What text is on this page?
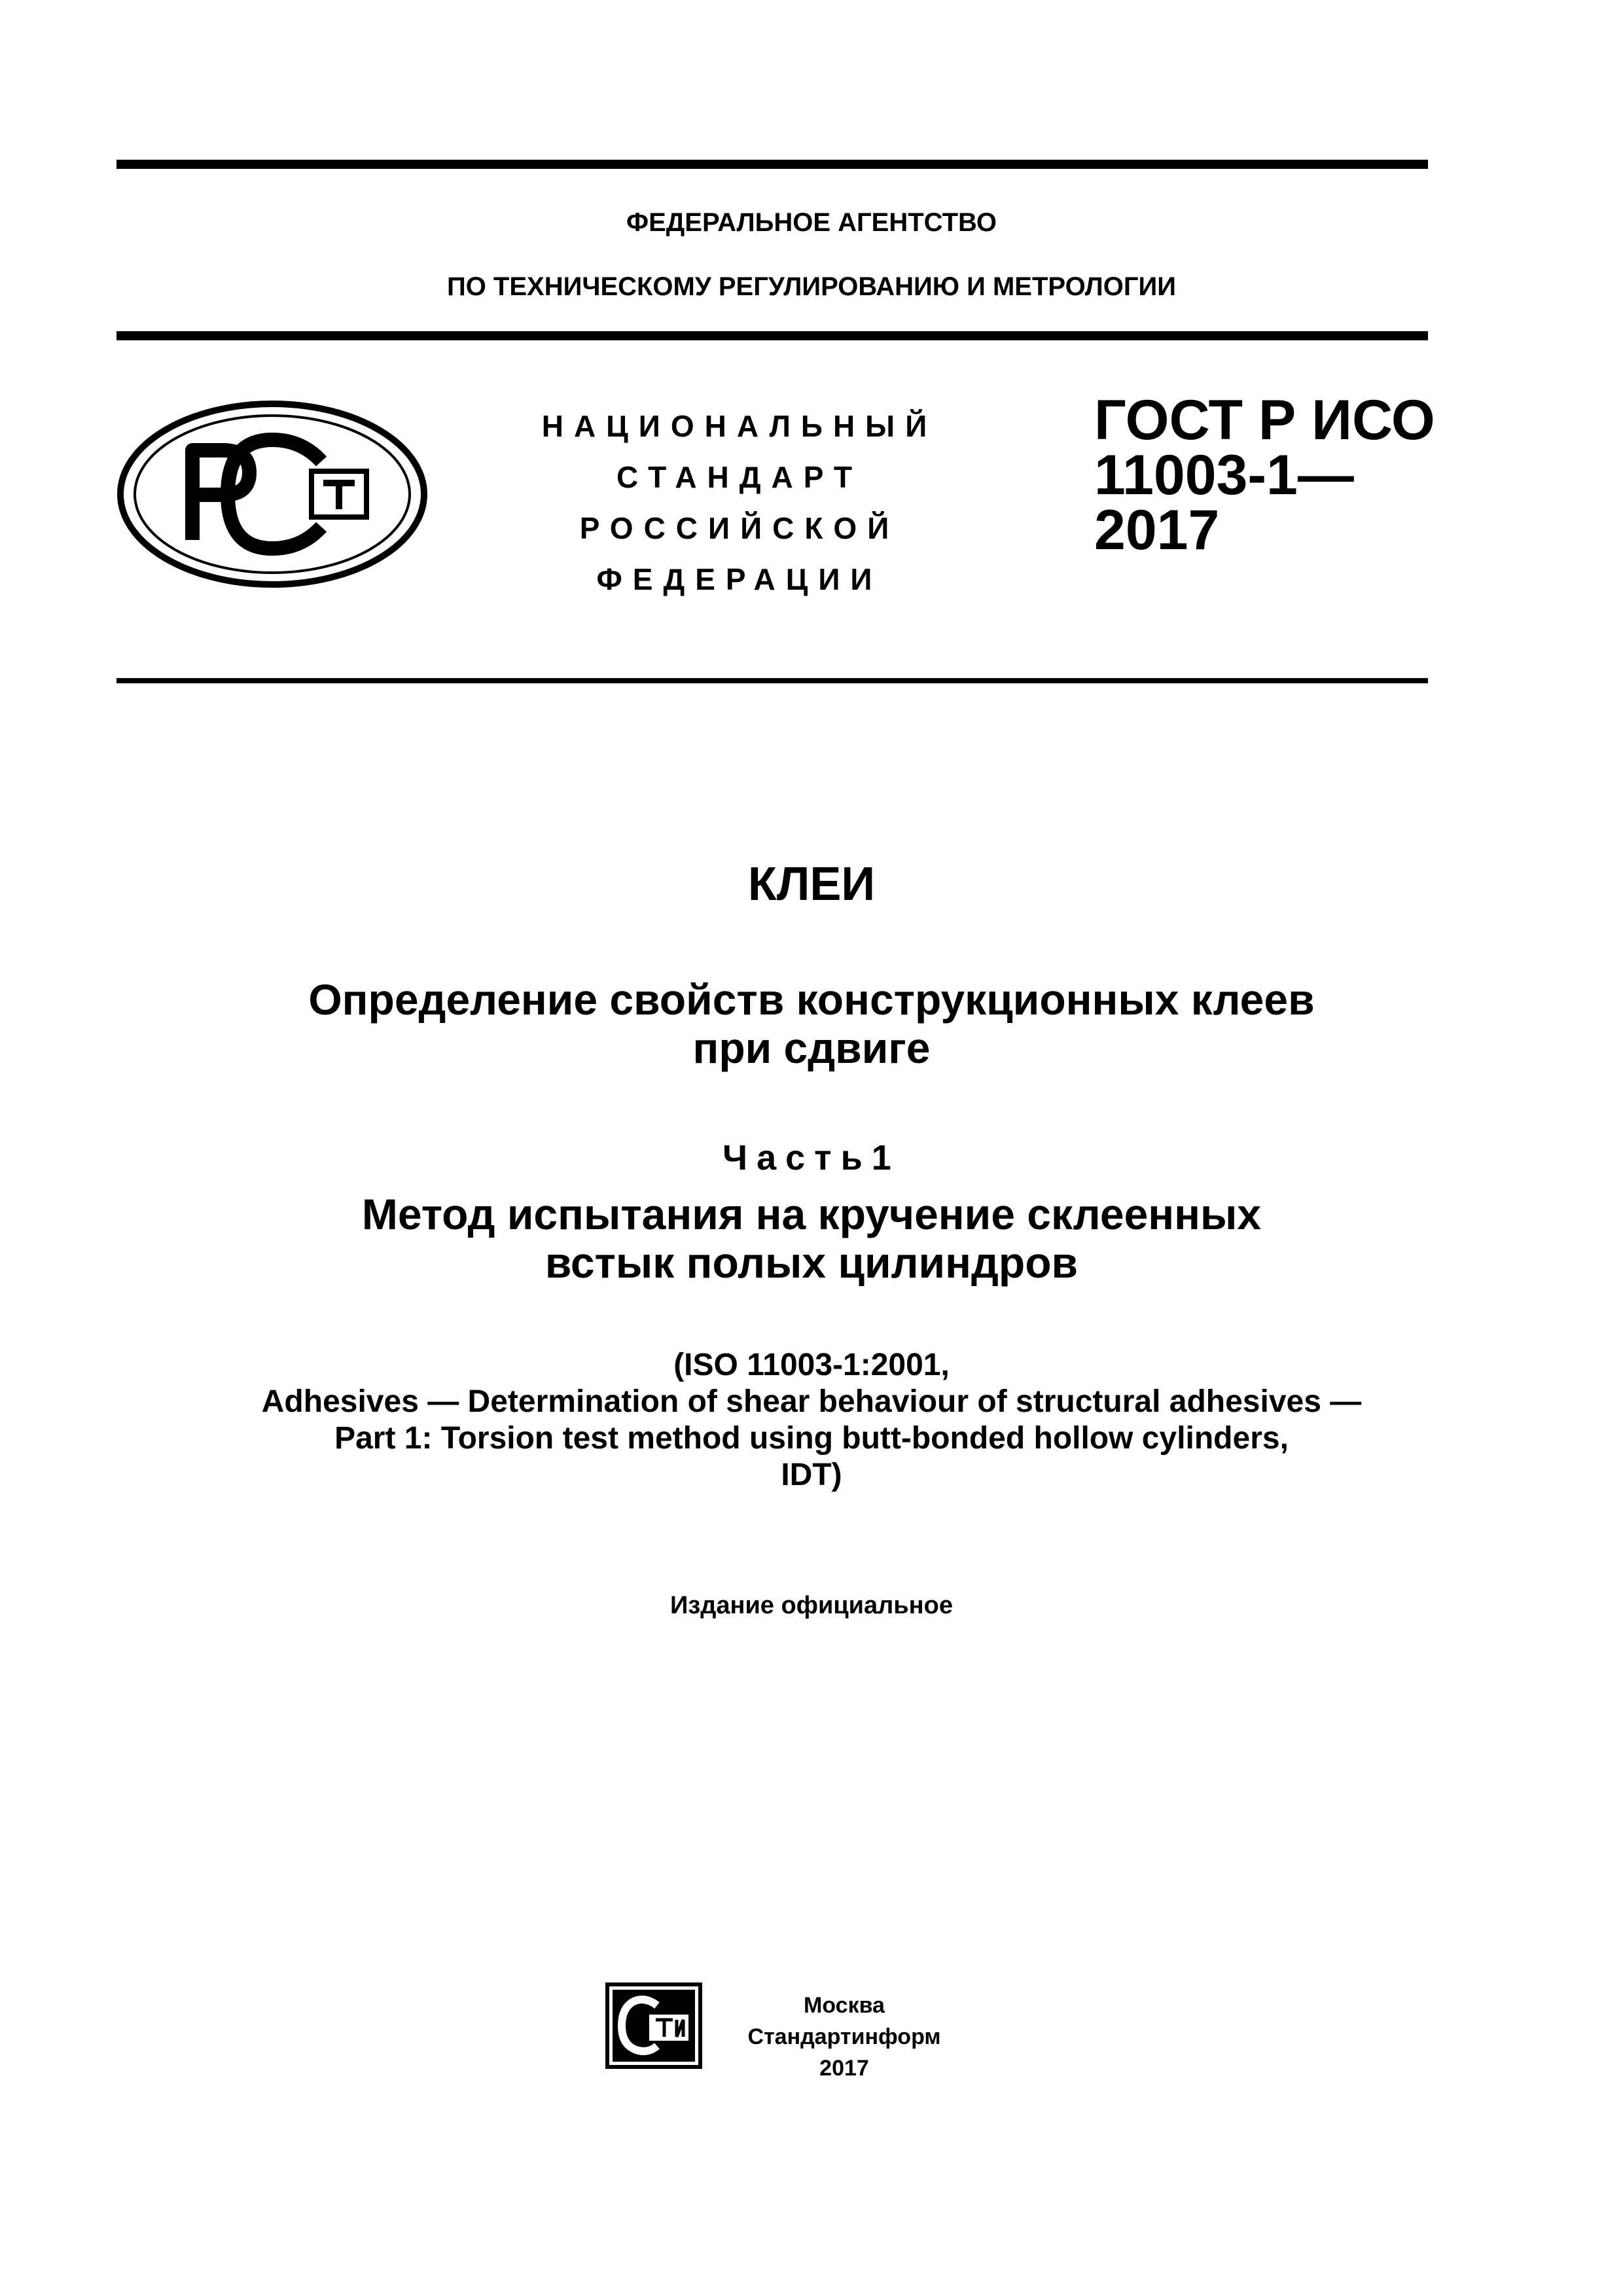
ФЕДЕРАЛЬНОЕ АГЕНТСТВО
ПО ТЕХНИЧЕСКОМУ РЕГУЛИРОВАНИЮ И МЕТРОЛОГИИ
НАЦИОНАЛЬНЫЙ
СТАНДАРТ
РОССИЙСКОЙ
ФЕДЕРАЦИИ
ГОСТ Р ИСО
11003-1—
2017
КЛЕИ
Определение свойств конструкционных клеев
при сдвиге
Часть1
Метод испытания на кручение склеенных
встык полых цилиндров
(ISO 11003-1:2001,
Adhesives — Determination of shear behaviour of structural adhesives —
Part 1: Torsion test method using butt-bonded hollow cylinders,
IDT)
Издание официальное
Москва
Стандартинформ
2017
